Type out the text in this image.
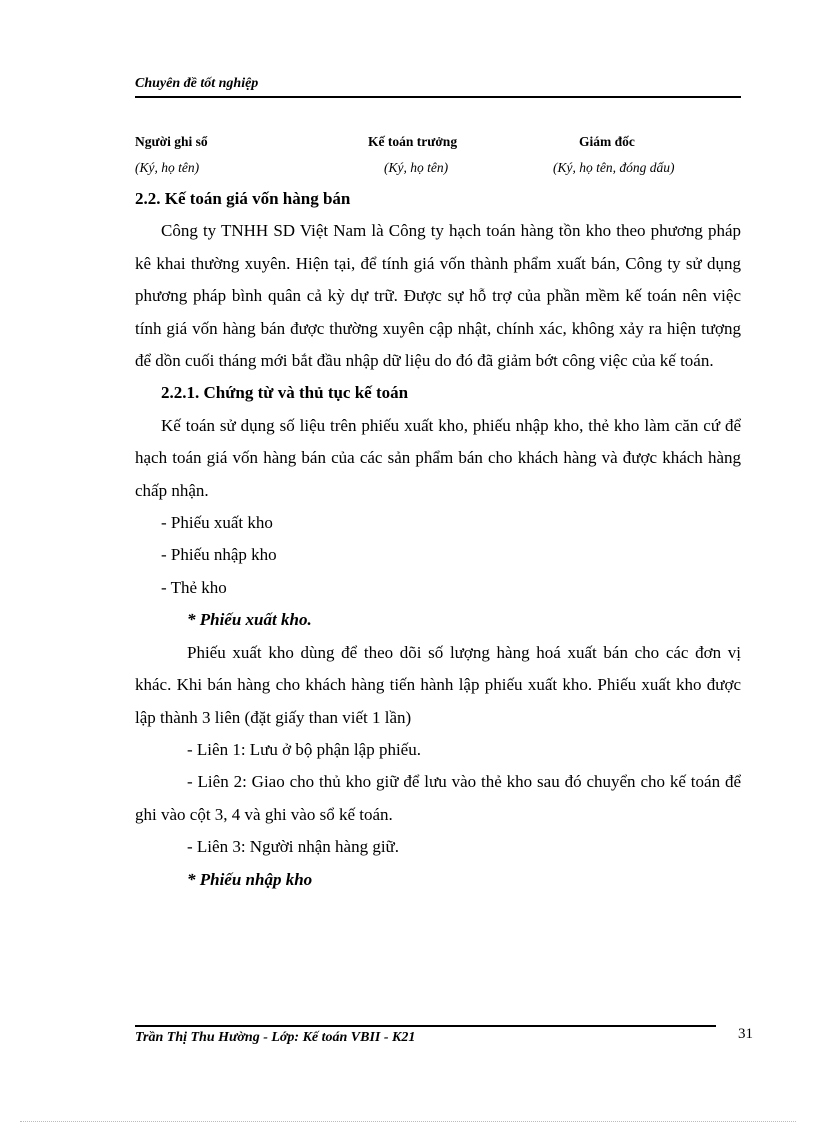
Chuyên đề tốt nghiệp
Người ghi sổ	Kế toán trưởng	Giám đốc
(Ký, họ tên)	(Ký, họ tên)	(Ký, họ tên, đóng dấu)

2.2. Kế toán giá vốn hàng bán

Công ty TNHH SD Việt Nam là Công ty hạch toán hàng tồn kho theo phương pháp kê khai thường xuyên. Hiện tại, để tính giá vốn thành phẩm xuất bán, Công ty sử dụng phương pháp bình quân cả kỳ dự trữ. Được sự hỗ trợ của phần mềm kế toán nên việc tính giá vốn hàng bán được thường xuyên cập nhật, chính xác, không xảy ra hiện tượng để dồn cuối tháng mới bắt đầu nhập dữ liệu do đó đã giảm bớt công việc của kế toán.

2.2.1. Chứng từ và thủ tục kế toán

Kế toán sử dụng số liệu trên phiếu xuất kho, phiếu nhập kho, thẻ kho làm căn cứ để hạch toán giá vốn hàng bán của các sản phẩm bán cho khách hàng và được khách hàng chấp nhận.

- Phiếu xuất kho

- Phiếu nhập kho

- Thẻ kho

* Phiếu xuất kho.

Phiếu xuất kho dùng để theo dõi số lượng hàng hoá xuất bán cho các đơn vị khác. Khi bán hàng cho khách hàng tiến hành lập phiếu xuất kho. Phiếu xuất kho được lập thành 3 liên (đặt giấy than viết 1 lần)

- Liên 1: Lưu ở bộ phận lập phiếu.

- Liên 2: Giao cho thủ kho giữ để lưu vào thẻ kho sau đó chuyển cho kế toán để ghi vào cột 3, 4 và ghi vào sổ kế toán.

- Liên 3: Người nhận hàng giữ.

* Phiếu nhập kho

Trần Thị Thu Hường - Lớp: Kế toán VBII - K21	31
